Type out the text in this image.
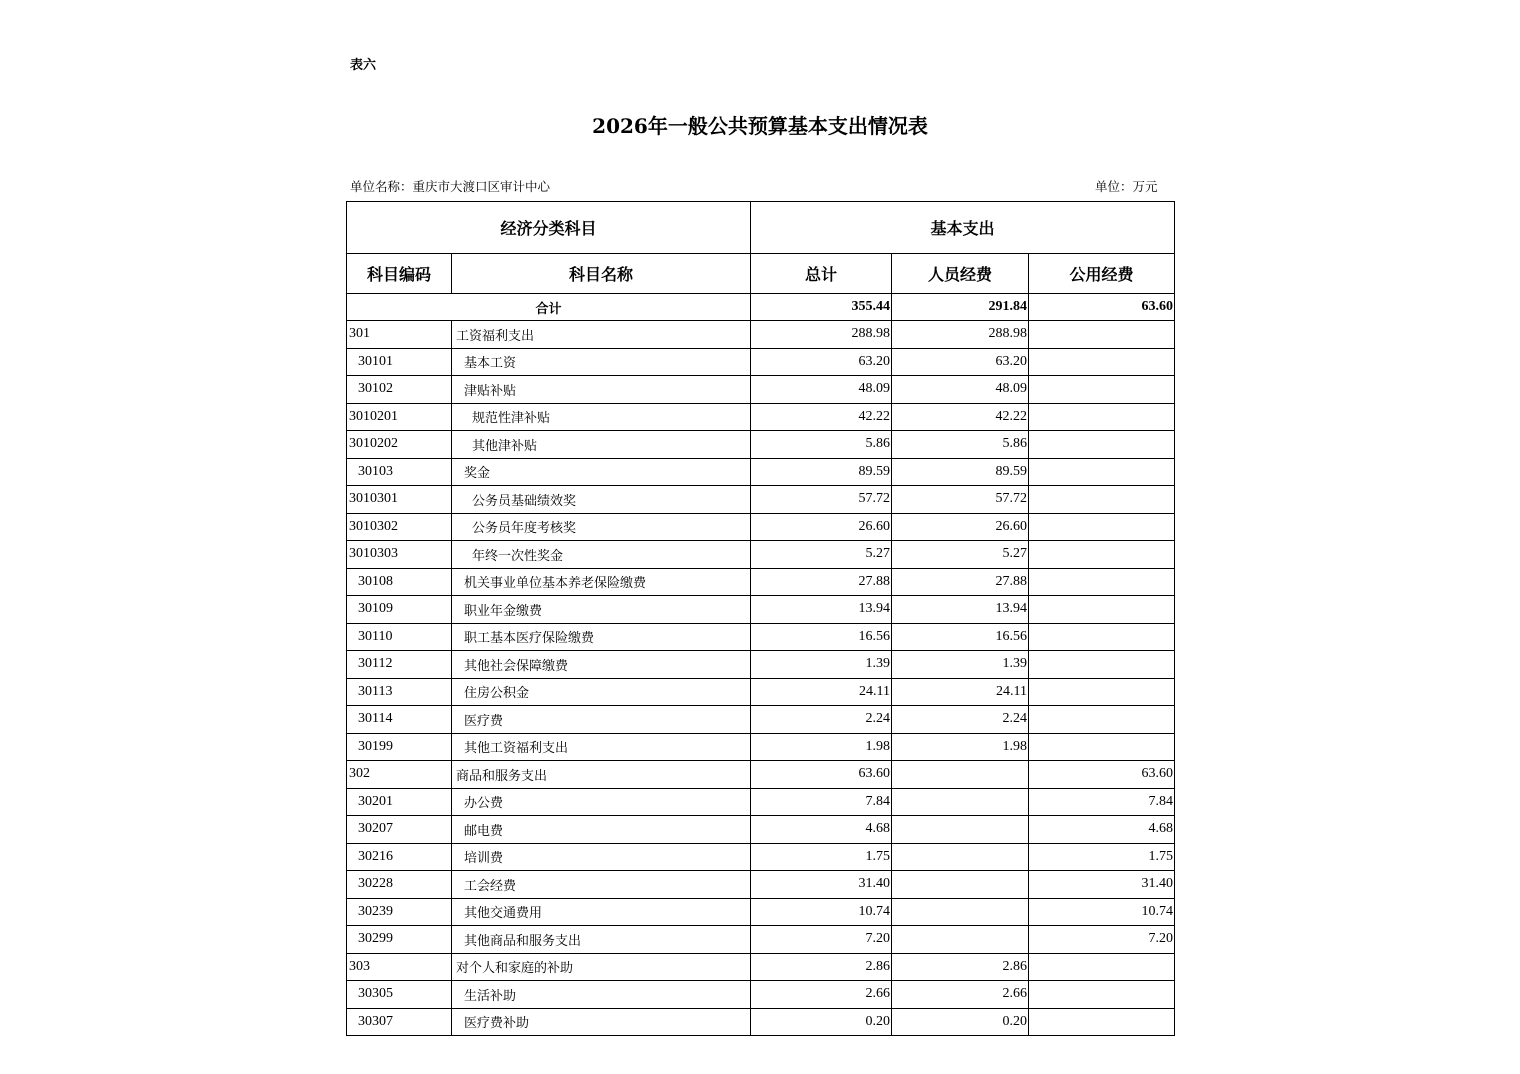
表六
2026年一般公共预算基本支出情况表
单位名称：重庆市大渡口区审计中心	单位：万元
经济分类科目		基本支出		
科目编码	科目名称	总计	人员经费	公用经费
合计		355.44	291.84	63.60
301	工资福利支出	288.98	288.98	
30101	基本工资	63.20	63.20	
30102	津贴补贴	48.09	48.09	
3010201	规范性津补贴	42.22	42.22	
3010202	其他津补贴	5.86	5.86	
30103	奖金	89.59	89.59	
3010301	公务员基础绩效奖	57.72	57.72	
3010302	公务员年度考核奖	26.60	26.60	
3010303	年终一次性奖金	5.27	5.27	
30108	机关事业单位基本养老保险缴费	27.88	27.88	
30109	职业年金缴费	13.94	13.94	
30110	职工基本医疗保险缴费	16.56	16.56	
30112	其他社会保障缴费	1.39	1.39	
30113	住房公积金	24.11	24.11	
30114	医疗费	2.24	2.24	
30199	其他工资福利支出	1.98	1.98	
302	商品和服务支出	63.60		63.60
30201	办公费	7.84		7.84
30207	邮电费	4.68		4.68
30216	培训费	1.75		1.75
30228	工会经费	31.40		31.40
30239	其他交通费用	10.74		10.74
30299	其他商品和服务支出	7.20		7.20
303	对个人和家庭的补助	2.86	2.86	
30305	生活补助	2.66	2.66	
30307	医疗费补助	0.20	0.20	
